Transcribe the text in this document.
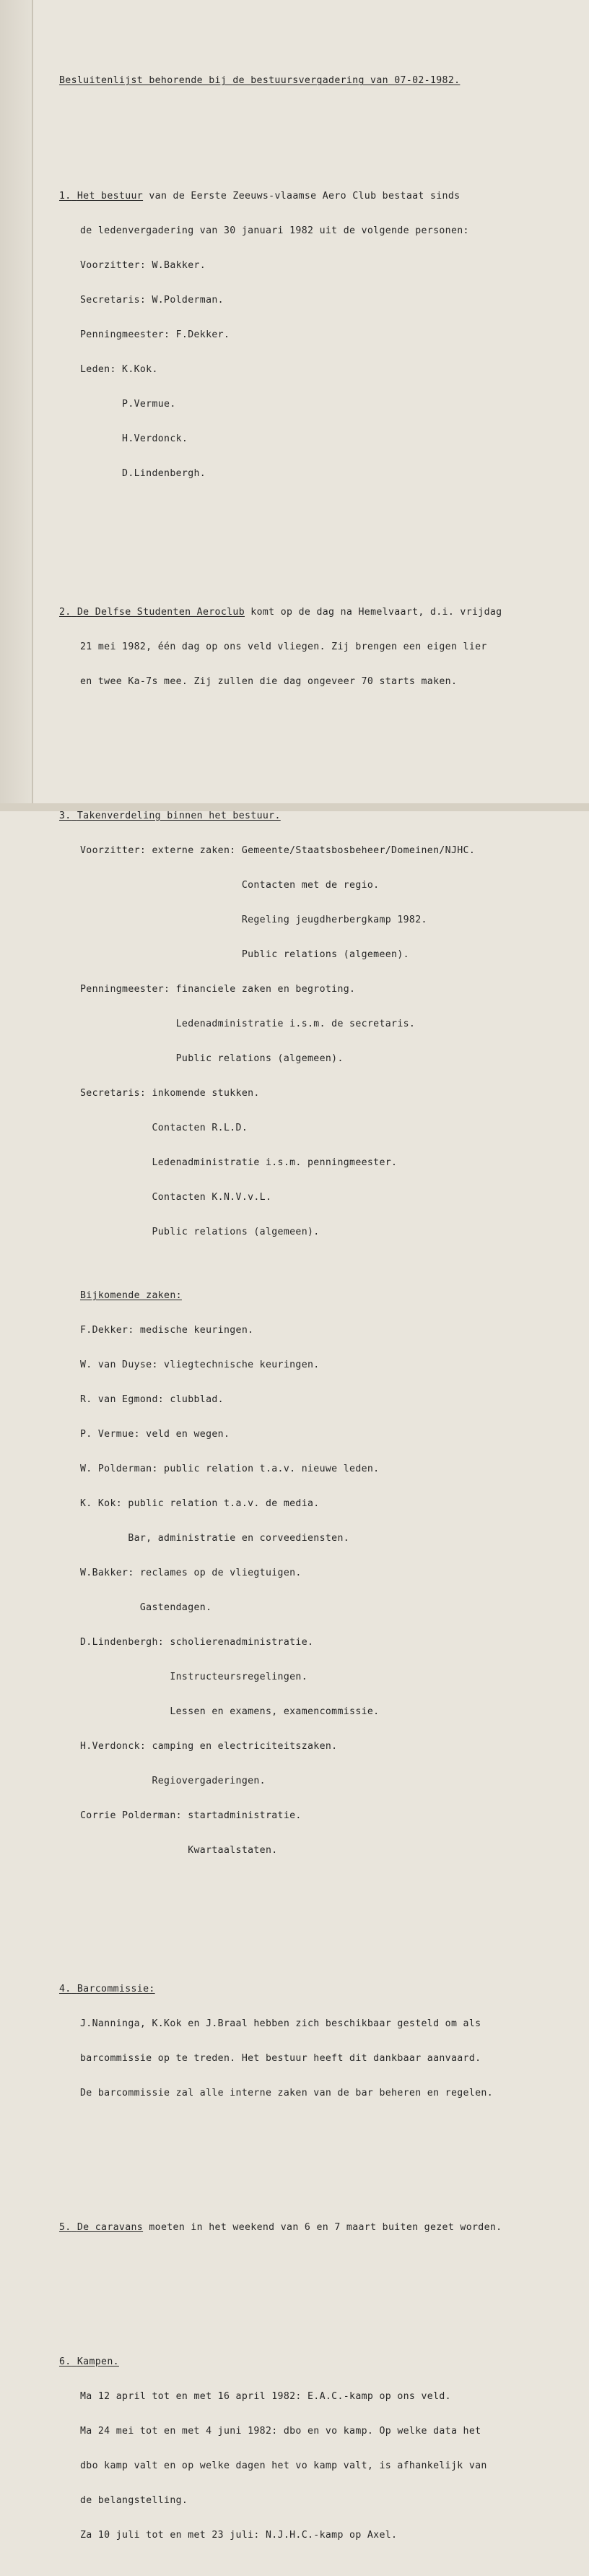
Besluitenlijst behorende bij de bestuursvergadering van 07-02-1982.

1. Het bestuur van de Eerste Zeeuws-vlaamse Aero Club bestaat sinds

de ledenvergadering van 30 januari 1982 uit de volgende personen:

Voorzitter: W.Bakker.

Secretaris: W.Polderman.

Penningmeester: F.Dekker.

Leden: K.Kok.

P.Vermue.

H.Verdonck.

D.Lindenbergh.

2. De Delfse Studenten Aeroclub komt op de dag na Hemelvaart, d.i. vrijdag

21 mei 1982, één dag op ons veld vliegen. Zij brengen een eigen lier

en twee Ka-7s mee. Zij zullen die dag ongeveer 70 starts maken.

3. Takenverdeling binnen het bestuur.

Voorzitter: externe zaken: Gemeente/Staatsbosbeheer/Domeinen/NJHC.

Contacten met de regio.

Regeling jeugdherbergkamp 1982.

Public relations (algemeen).

Penningmeester: financiele zaken en begroting.

Ledenadministratie i.s.m. de secretaris.

Public relations (algemeen).

Secretaris: inkomende stukken.

Contacten R.L.D.

Ledenadministratie i.s.m. penningmeester.

Contacten K.N.V.v.L.

Public relations (algemeen).

Bijkomende zaken:

F.Dekker: medische keuringen.

W. van Duyse: vliegtechnische keuringen.

R. van Egmond: clubblad.

P. Vermue: veld en wegen.

W. Polderman: public relation t.a.v. nieuwe leden.

K. Kok: public relation t.a.v. de media.

Bar, administratie en corveediensten.

W.Bakker: reclames op de vliegtuigen.

Gastendagen.

D.Lindenbergh: scholierenadministratie.

Instructeursregelingen.

Lessen en examens, examencommissie.

H.Verdonck: camping en electriciteitszaken.

Regiovergaderingen.

Corrie Polderman: startadministratie.

Kwartaalstaten.

4. Barcommissie:

J.Nanninga, K.Kok en J.Braal hebben zich beschikbaar gesteld om als

barcommissie op te treden. Het bestuur heeft dit dankbaar aanvaard.

De barcommissie zal alle interne zaken van de bar beheren en regelen.

5. De caravans moeten in het weekend van 6 en 7 maart buiten gezet worden.

6. Kampen.

Ma 12 april tot en met 16 april 1982: E.A.C.-kamp op ons veld.

Ma 24 mei tot en met 4 juni 1982: dbo en vo kamp. Op welke data het

dbo kamp valt en op welke dagen het vo kamp valt, is afhankelijk van

de belangstelling.

Za 10 juli tot en met 23 juli: N.J.H.C.-kamp op Axel.
